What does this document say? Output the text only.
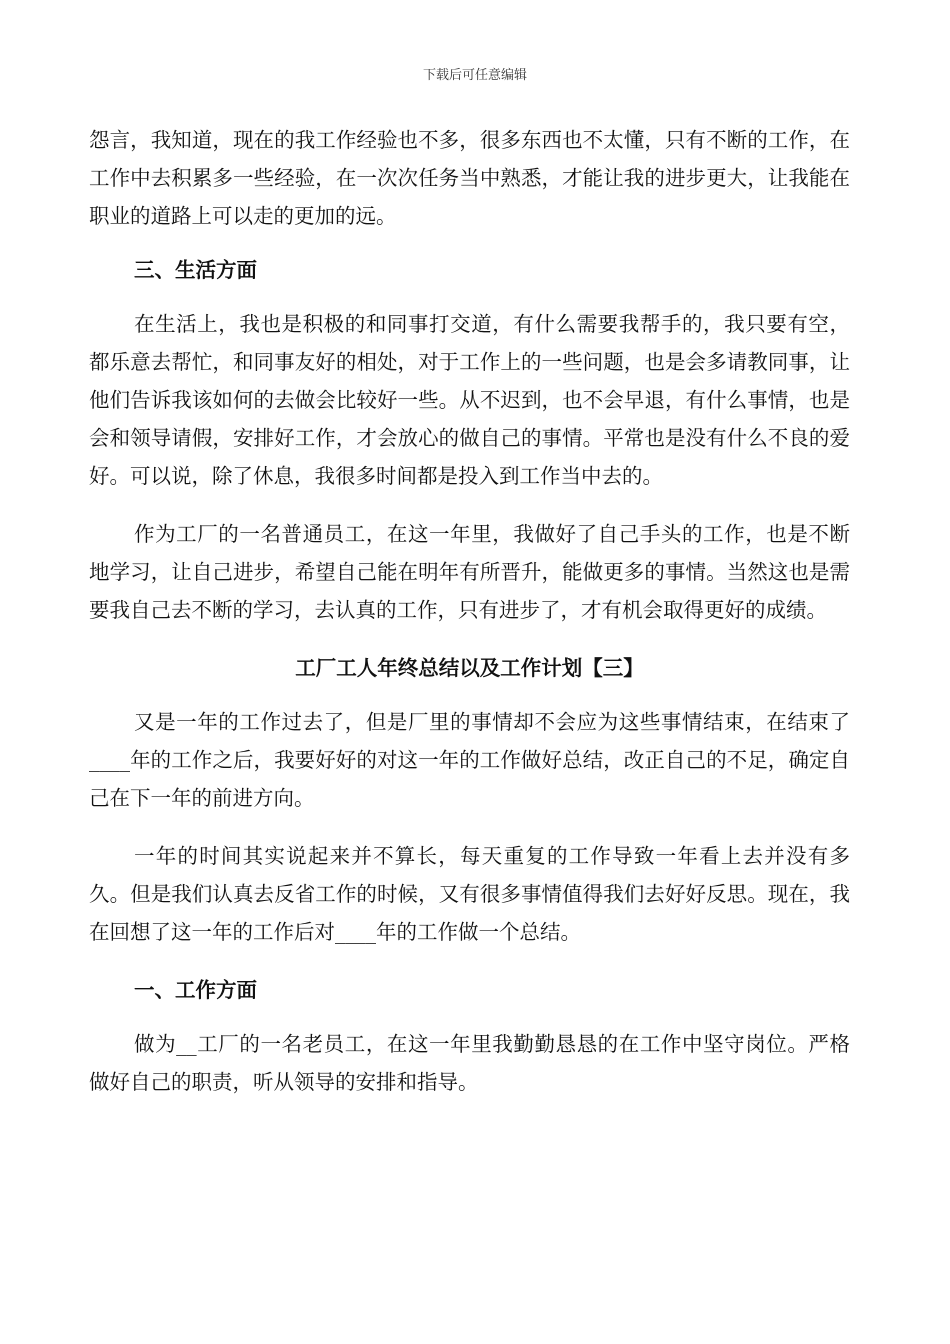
下载后可任意编辑

怨言，我知道，现在的我工作经验也不多，很多东西也不太懂，只有不断的工作，在工作中去积累多一些经验，在一次次任务当中熟悉，才能让我的进步更大，让我能在职业的道路上可以走的更加的远。

三、生活方面

在生活上，我也是积极的和同事打交道，有什么需要我帮手的，我只要有空，都乐意去帮忙，和同事友好的相处，对于工作上的一些问题，也是会多请教同事，让他们告诉我该如何的去做会比较好一些。从不迟到，也不会早退，有什么事情，也是会和领导请假，安排好工作，才会放心的做自己的事情。平常也是没有什么不良的爱好。可以说，除了休息，我很多时间都是投入到工作当中去的。

作为工厂的一名普通员工，在这一年里，我做好了自己手头的工作，也是不断地学习，让自己进步，希望自己能在明年有所晋升，能做更多的事情。当然这也是需要我自己去不断的学习，去认真的工作，只有进步了，才有机会取得更好的成绩。

工厂工人年终总结以及工作计划【三】

又是一年的工作过去了，但是厂里的事情却不会应为这些事情结束，在结束了____年的工作之后，我要好好的对这一年的工作做好总结，改正自己的不足，确定自己在下一年的前进方向。

一年的时间其实说起来并不算长，每天重复的工作导致一年看上去并没有多久。但是我们认真去反省工作的时候，又有很多事情值得我们去好好反思。现在，我在回想了这一年的工作后对____年的工作做一个总结。

一、工作方面

做为__工厂的一名老员工，在这一年里我勤勤恳恳的在工作中坚守岗位。严格做好自己的职责，听从领导的安排和指导。
